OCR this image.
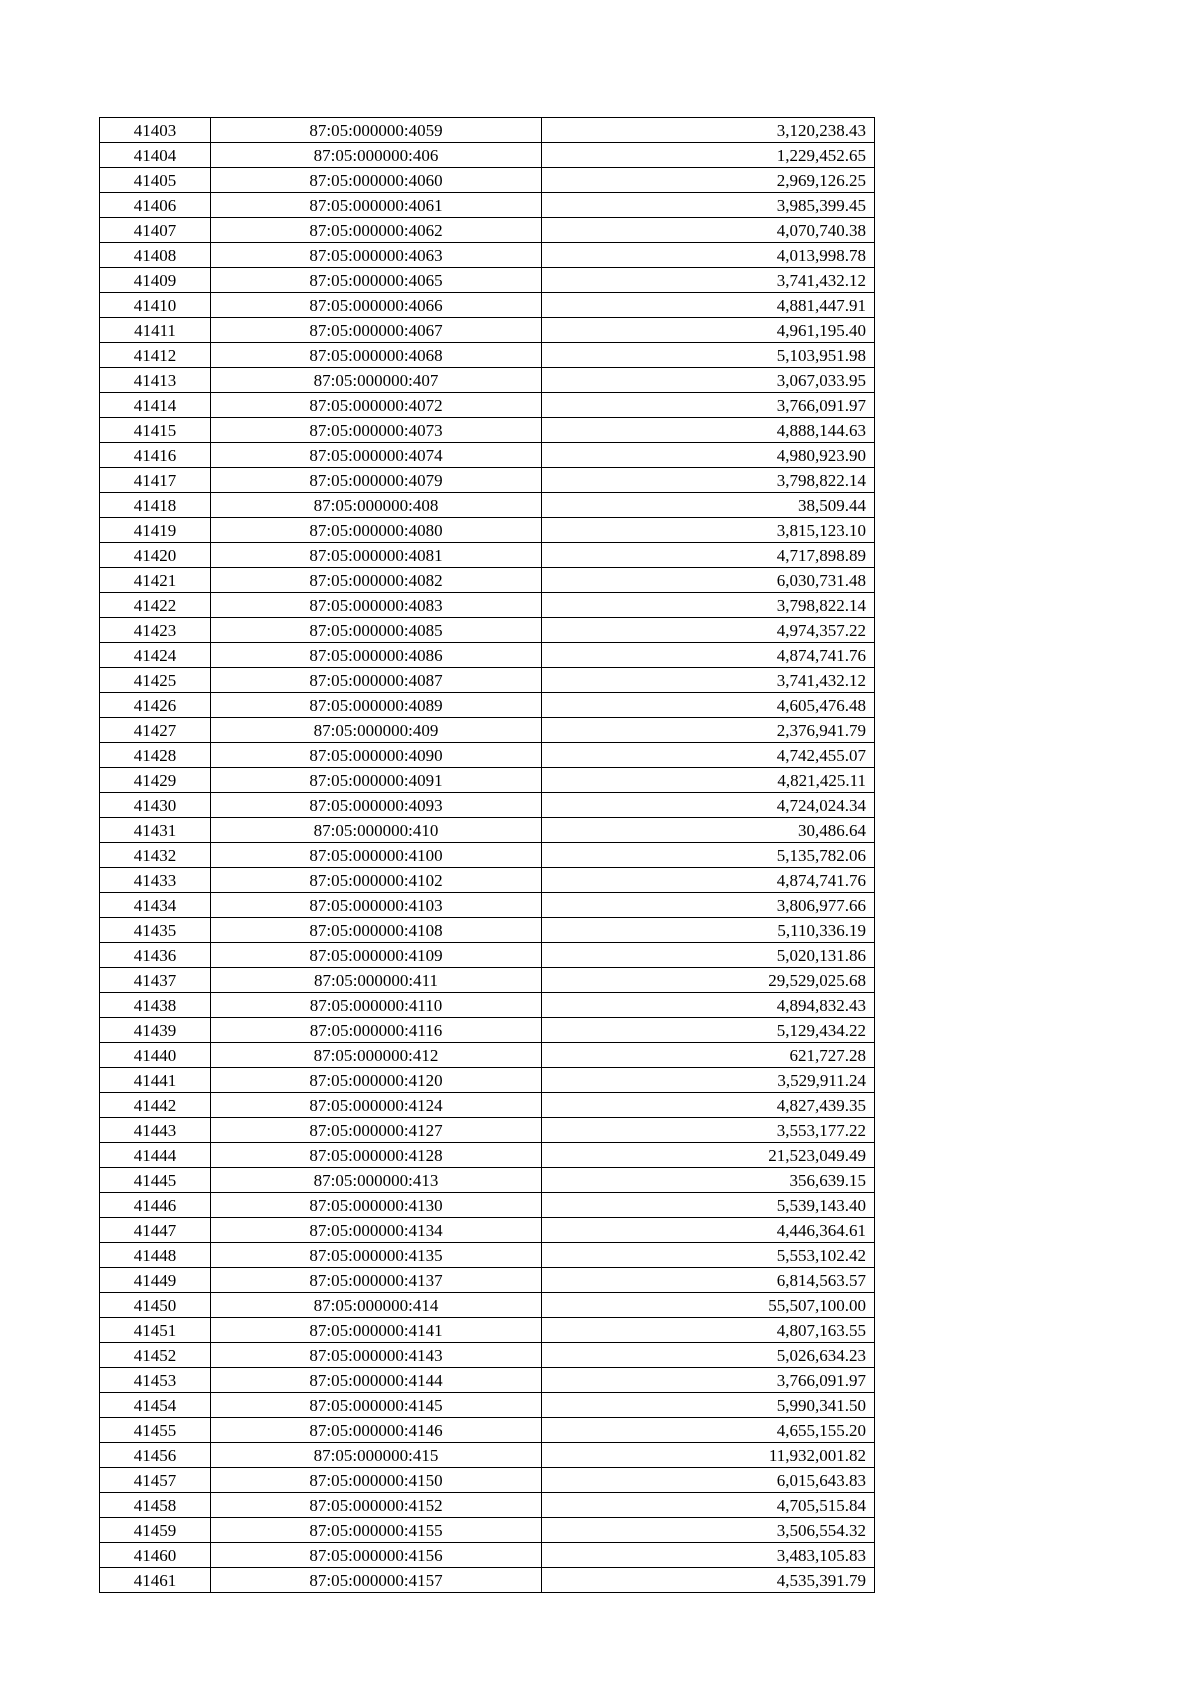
41403	87:05:000000:4059	3,120,238.43
41404	87:05:000000:406	1,229,452.65
41405	87:05:000000:4060	2,969,126.25
41406	87:05:000000:4061	3,985,399.45
41407	87:05:000000:4062	4,070,740.38
41408	87:05:000000:4063	4,013,998.78
41409	87:05:000000:4065	3,741,432.12
41410	87:05:000000:4066	4,881,447.91
41411	87:05:000000:4067	4,961,195.40
41412	87:05:000000:4068	5,103,951.98
41413	87:05:000000:407	3,067,033.95
41414	87:05:000000:4072	3,766,091.97
41415	87:05:000000:4073	4,888,144.63
41416	87:05:000000:4074	4,980,923.90
41417	87:05:000000:4079	3,798,822.14
41418	87:05:000000:408	38,509.44
41419	87:05:000000:4080	3,815,123.10
41420	87:05:000000:4081	4,717,898.89
41421	87:05:000000:4082	6,030,731.48
41422	87:05:000000:4083	3,798,822.14
41423	87:05:000000:4085	4,974,357.22
41424	87:05:000000:4086	4,874,741.76
41425	87:05:000000:4087	3,741,432.12
41426	87:05:000000:4089	4,605,476.48
41427	87:05:000000:409	2,376,941.79
41428	87:05:000000:4090	4,742,455.07
41429	87:05:000000:4091	4,821,425.11
41430	87:05:000000:4093	4,724,024.34
41431	87:05:000000:410	30,486.64
41432	87:05:000000:4100	5,135,782.06
41433	87:05:000000:4102	4,874,741.76
41434	87:05:000000:4103	3,806,977.66
41435	87:05:000000:4108	5,110,336.19
41436	87:05:000000:4109	5,020,131.86
41437	87:05:000000:411	29,529,025.68
41438	87:05:000000:4110	4,894,832.43
41439	87:05:000000:4116	5,129,434.22
41440	87:05:000000:412	621,727.28
41441	87:05:000000:4120	3,529,911.24
41442	87:05:000000:4124	4,827,439.35
41443	87:05:000000:4127	3,553,177.22
41444	87:05:000000:4128	21,523,049.49
41445	87:05:000000:413	356,639.15
41446	87:05:000000:4130	5,539,143.40
41447	87:05:000000:4134	4,446,364.61
41448	87:05:000000:4135	5,553,102.42
41449	87:05:000000:4137	6,814,563.57
41450	87:05:000000:414	55,507,100.00
41451	87:05:000000:4141	4,807,163.55
41452	87:05:000000:4143	5,026,634.23
41453	87:05:000000:4144	3,766,091.97
41454	87:05:000000:4145	5,990,341.50
41455	87:05:000000:4146	4,655,155.20
41456	87:05:000000:415	11,932,001.82
41457	87:05:000000:4150	6,015,643.83
41458	87:05:000000:4152	4,705,515.84
41459	87:05:000000:4155	3,506,554.32
41460	87:05:000000:4156	3,483,105.83
41461	87:05:000000:4157	4,535,391.79
